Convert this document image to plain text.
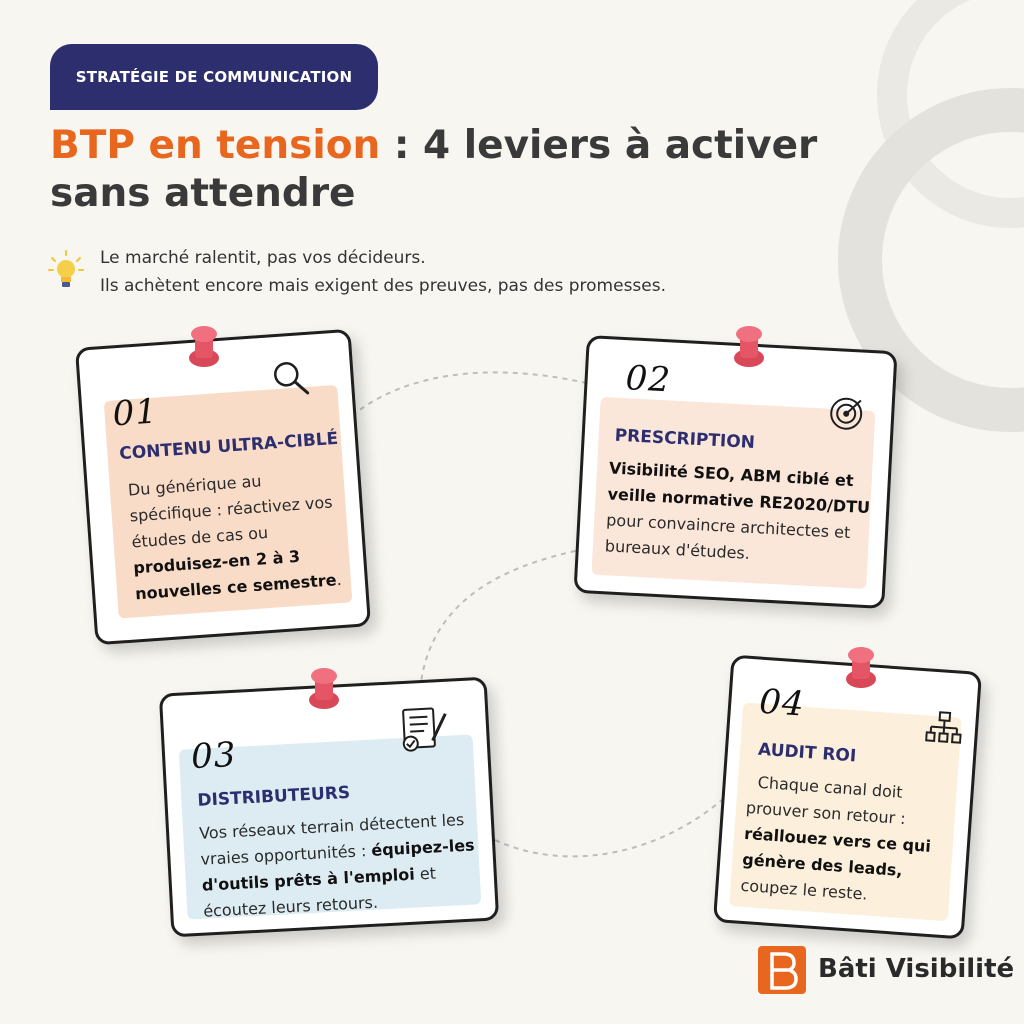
STRATÉGIE DE COMMUNICATION
BTP en tension : 4 leviers à activer
sans attendre
Le marché ralentit, pas vos décideurs.
Ils achètent encore mais exigent des preuves, pas des promesses.
01
CONTENU ULTRA-CIBLÉ
Du générique au
spécifique : réactivez vos
études de cas ou
produisez-en 2 à 3
nouvelles ce semestre.
02
PRESCRIPTION
Visibilité SEO, ABM ciblé et
veille normative RE2020/DTU
pour convaincre architectes et
bureaux d'études.
03
DISTRIBUTEURS
Vos réseaux terrain détectent les
vraies opportunités : équipez-les
d'outils prêts à l'emploi et
écoutez leurs retours.
04
AUDIT ROI
Chaque canal doit
prouver son retour :
réallouez vers ce qui
génère des leads,
coupez le reste.
Bâti Visibilité
